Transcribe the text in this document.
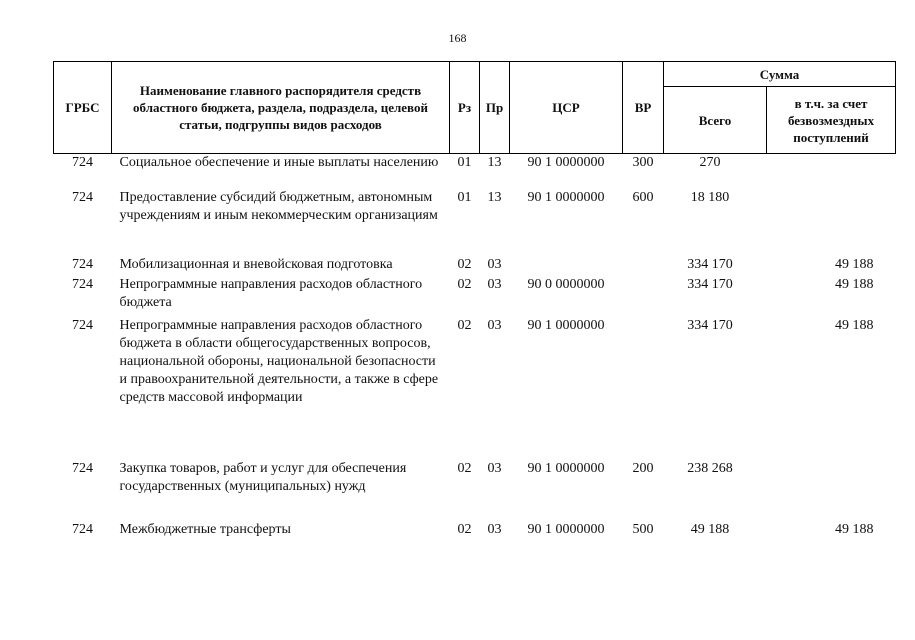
168
ГРБС	Наименование главного распорядителя средств областного бюджета, раздела, подраздела, целевой статьи, подгруппы видов расходов	Рз	Пр	ЦСР	ВР	Сумма	
						Всего	в т.ч. за счет безвозмездных поступлений
724	Социальное обеспечение и иные выплаты населению	01	13	90 1 0000000	300	270	
724	Предоставление субсидий бюджетным, автономным учреждениям и иным некоммерческим организациям	01	13	90 1 0000000	600	18 180	
724	Мобилизационная и вневойсковая подготовка	02	03			334 170	49 188
724	Непрограммные направления расходов областного бюджета	02	03	90 0 0000000		334 170	49 188
724	Непрограммные направления расходов областного бюджета в области общегосударственных вопросов, национальной обороны, национальной безопасности и правоохранительной деятельности, а также в сфере средств массовой информации	02	03	90 1 0000000		334 170	49 188
724	Закупка товаров, работ и услуг для обеспечения государственных (муниципальных) нужд	02	03	90 1 0000000	200	238 268	
724	Межбюджетные трансферты	02	03	90 1 0000000	500	49 188	49 188
